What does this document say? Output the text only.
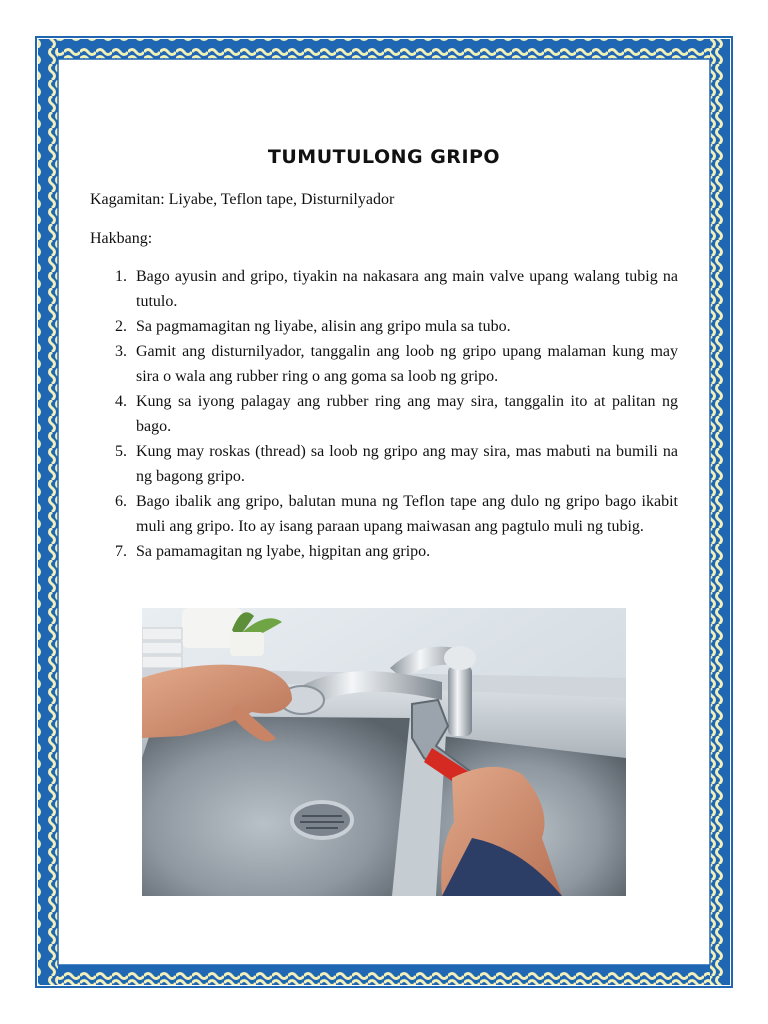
TUMUTULONG GRIPO
Kagamitan: Liyabe, Teflon tape, Disturnilyador
Hakbang:
1. Bago ayusin and gripo, tiyakin na nakasara ang main valve upang walang tubig na tutulo.
2. Sa pagmamagitan ng liyabe, alisin ang gripo mula sa tubo.
3. Gamit ang disturnilyador, tanggalin ang loob ng gripo upang malaman kung may sira o wala ang rubber ring o ang goma sa loob ng gripo.
4. Kung sa iyong palagay ang rubber ring ang may sira, tanggalin ito at palitan ng bago.
5. Kung may roskas (thread) sa loob ng gripo ang may sira, mas mabuti na bumili na ng bagong gripo.
6. Bago ibalik ang gripo, balutan muna ng Teflon tape ang dulo ng gripo bago ikabit muli ang gripo. Ito ay isang paraan upang maiwasan ang pagtulo muli ng tubig.
7. Sa pamamagitan ng lyabe, higpitan ang gripo.
